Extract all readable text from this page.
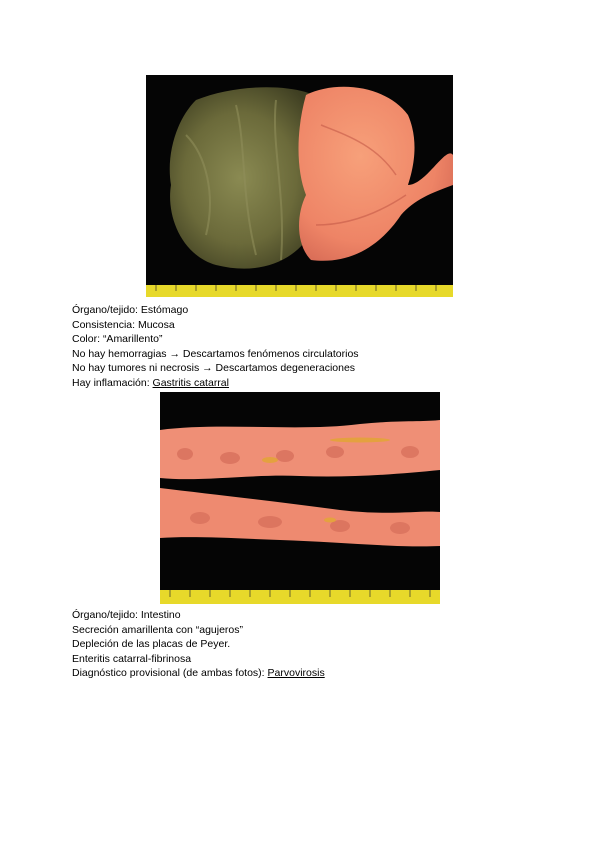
Órgano/tejido: Estómago
Consistencia: Mucosa
Color: “Amarillento”
No hay hemorragias → Descartamos fenómenos circulatorios
No hay tumores ni necrosis → Descartamos degeneraciones
Hay inflamación: Gastritis catarral
Órgano/tejido: Intestino
Secreción amarillenta con “agujeros”
Depleción de las placas de Peyer.
Enteritis catarral-fibrinosa
Diagnóstico provisional (de ambas fotos): Parvovirosis
